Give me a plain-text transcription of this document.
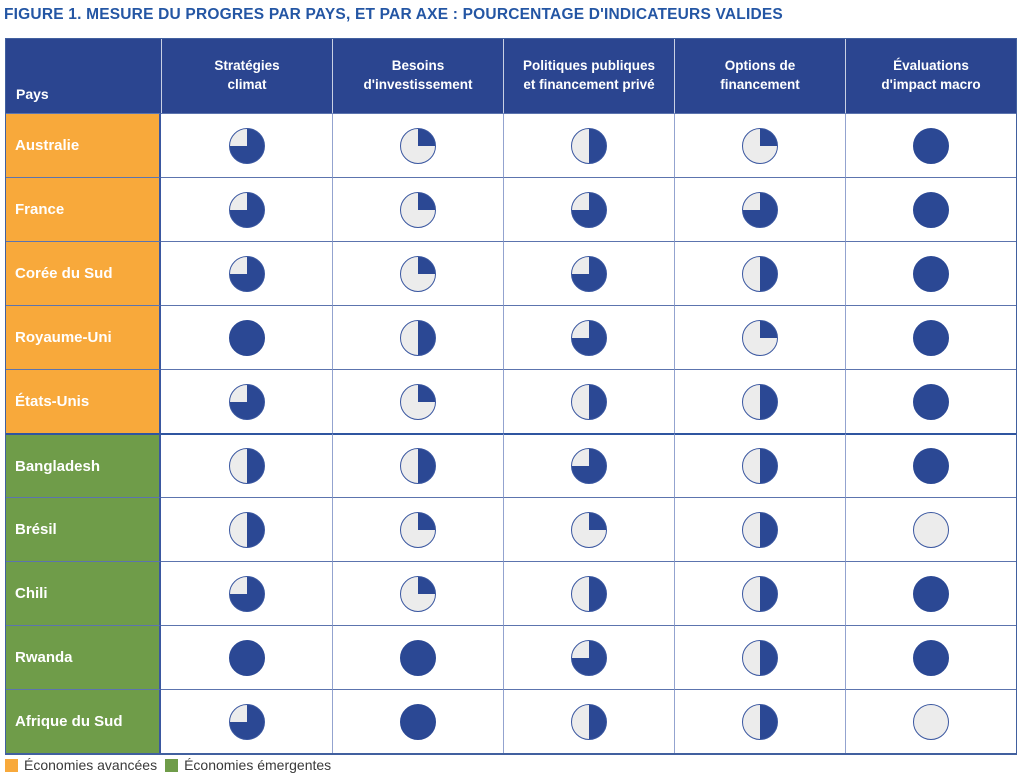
FIGURE 1. MESURE DU PROGRES PAR PAYS, ET PAR AXE : POURCENTAGE D'INDICATEURS VALIDES
Pays
Stratégies
climat
Besoins
d'investissement
Politiques publiques
et financement privé
Options de
financement
Évaluations
d'impact macro
Australie
France
Corée du Sud
Royaume-Uni
États-Unis
Bangladesh
Brésil
Chili
Rwanda
Afrique du Sud
Économies avancées Économies émergentes
